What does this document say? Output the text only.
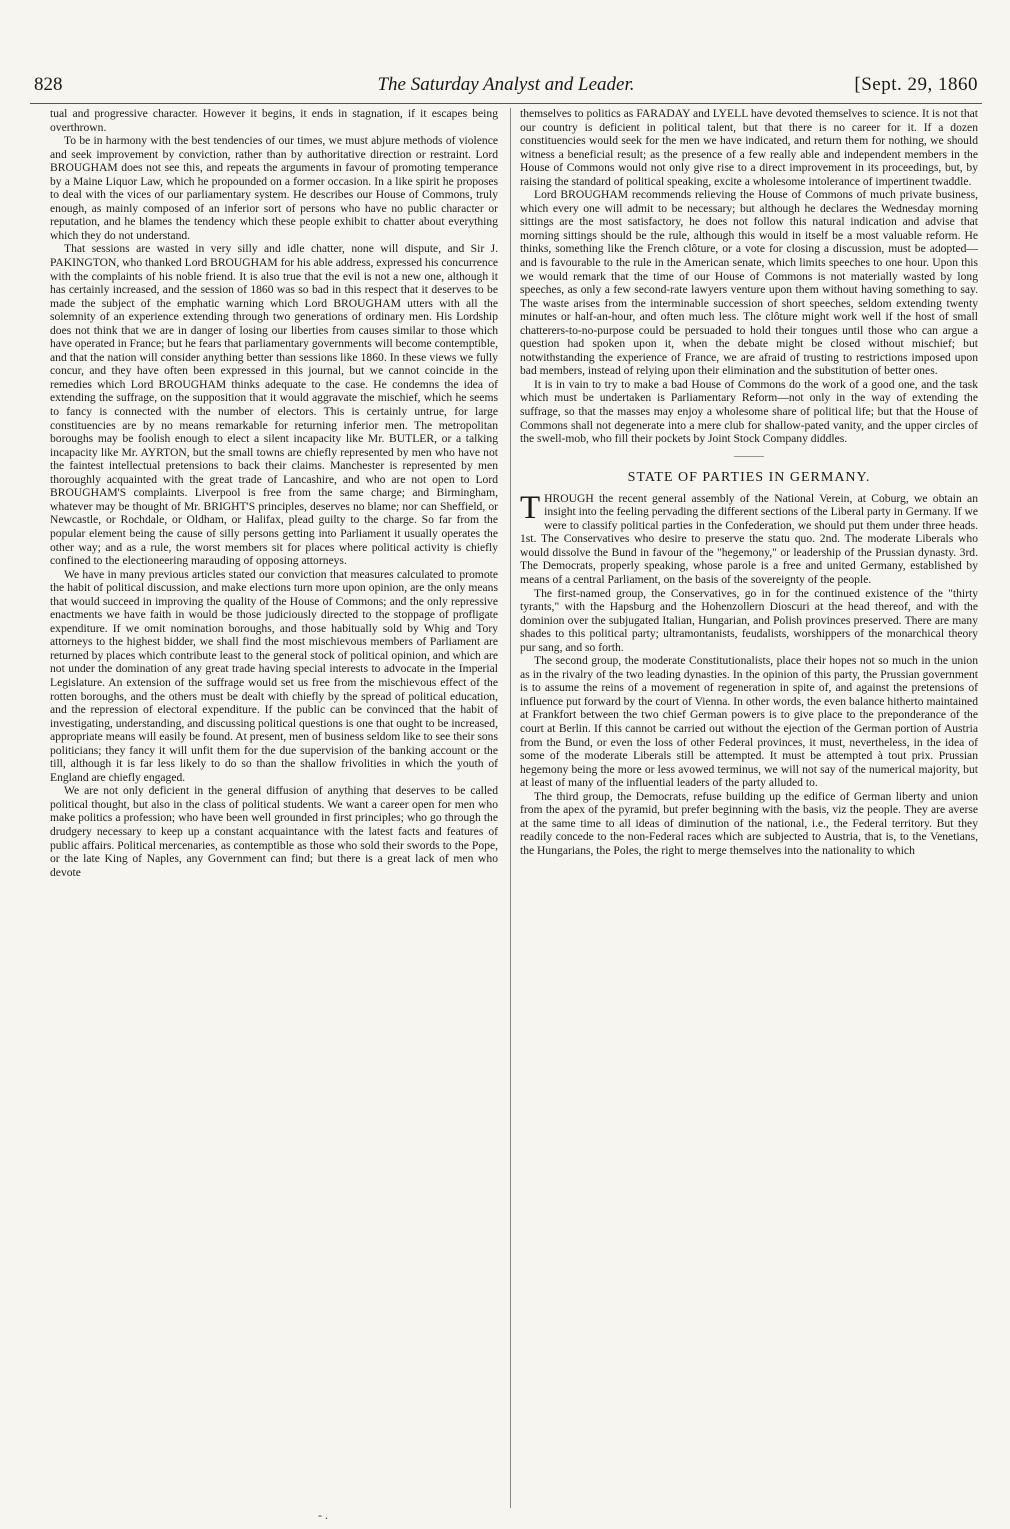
828	The Saturday Analyst and Leader.	[Sept. 29, 1860

tual and progressive character. However it begins, it ends in stagnation, if it escapes being overthrown.

To be in harmony with the best tendencies of our times, we must abjure methods of violence and seek improvement by conviction, rather than by authoritative direction or restraint. Lord BROUGHAM does not see this, and repeats the arguments in favour of promoting temperance by a Maine Liquor Law, which he propounded on a former occasion. In a like spirit he proposes to deal with the vices of our parliamentary system. He describes our House of Commons, truly enough, as mainly composed of an inferior sort of persons who have no public character or reputation, and he blames the tendency which these people exhibit to chatter about everything which they do not understand.

That sessions are wasted in very silly and idle chatter, none will dispute, and Sir J. PAKINGTON, who thanked Lord BROUGHAM for his able address, expressed his concurrence with the complaints of his noble friend. It is also true that the evil is not a new one, although it has certainly increased, and the session of 1860 was so bad in this respect that it deserves to be made the subject of the emphatic warning which Lord BROUGHAM utters with all the solemnity of an experience extending through two generations of ordinary men. His Lordship does not think that we are in danger of losing our liberties from causes similar to those which have operated in France; but he fears that parliamentary governments will become contemptible, and that the nation will consider anything better than sessions like 1860. In these views we fully concur, and they have often been expressed in this journal, but we cannot coincide in the remedies which Lord BROUGHAM thinks adequate to the case. He condemns the idea of extending the suffrage, on the supposition that it would aggravate the mischief, which he seems to fancy is connected with the number of electors. This is certainly untrue, for large constituencies are by no means remarkable for returning inferior men. The metropolitan boroughs may be foolish enough to elect a silent incapacity like Mr. BUTLER, or a talking incapacity like Mr. AYRTON, but the small towns are chiefly represented by men who have not the faintest intellectual pretensions to back their claims. Manchester is represented by men thoroughly acquainted with the great trade of Lancashire, and who are not open to Lord BROUGHAM'S complaints. Liverpool is free from the same charge; and Birmingham, whatever may be thought of Mr. BRIGHT'S principles, deserves no blame; nor can Sheffield, or Newcastle, or Rochdale, or Oldham, or Halifax, plead guilty to the charge. So far from the popular element being the cause of silly persons getting into Parliament it usually operates the other way; and as a rule, the worst members sit for places where political activity is chiefly confined to the electioneering marauding of opposing attorneys.

We have in many previous articles stated our conviction that measures calculated to promote the habit of political discussion, and make elections turn more upon opinion, are the only means that would succeed in improving the quality of the House of Commons; and the only repressive enactments we have faith in would be those judiciously directed to the stoppage of profligate expenditure. If we omit nomination boroughs, and those habitually sold by Whig and Tory attorneys to the highest bidder, we shall find the most mischievous members of Parliament are returned by places which contribute least to the general stock of political opinion, and which are not under the domination of any great trade having special interests to advocate in the Imperial Legislature. An extension of the suffrage would set us free from the mischievous effect of the rotten boroughs, and the others must be dealt with chiefly by the spread of political education, and the repression of electoral expenditure. If the public can be convinced that the habit of investigating, understanding, and discussing political questions is one that ought to be increased, appropriate means will easily be found. At present, men of business seldom like to see their sons politicians; they fancy it will unfit them for the due supervision of the banking account or the till, although it is far less likely to do so than the shallow frivolities in which the youth of England are chiefly engaged.

We are not only deficient in the general diffusion of anything that deserves to be called political thought, but also in the class of political students. We want a career open for men who make politics a profession; who have been well grounded in first principles; who go through the drudgery necessary to keep up a constant acquaintance with the latest facts and features of public affairs. Political mercenaries, as contemptible as those who sold their swords to the Pope, or the late King of Naples, any Government can find; but there is a great lack of men who devote

themselves to politics as FARADAY and LYELL have devoted themselves to science. It is not that our country is deficient in political talent, but that there is no career for it. If a dozen constituencies would seek for the men we have indicated, and return them for nothing, we should witness a beneficial result; as the presence of a few really able and independent members in the House of Commons would not only give rise to a direct improvement in its proceedings, but, by raising the standard of political speaking, excite a wholesome intolerance of impertinent twaddle.

Lord BROUGHAM recommends relieving the House of Commons of much private business, which every one will admit to be necessary; but although he declares the Wednesday morning sittings are the most satisfactory, he does not follow this natural indication and advise that morning sittings should be the rule, although this would in itself be a most valuable reform. He thinks, something like the French clôture, or a vote for closing a discussion, must be adopted—and is favourable to the rule in the American senate, which limits speeches to one hour. Upon this we would remark that the time of our House of Commons is not materially wasted by long speeches, as only a few second-rate lawyers venture upon them without having something to say. The waste arises from the interminable succession of short speeches, seldom extending twenty minutes or half-an-hour, and often much less. The clôture might work well if the host of small chatterers-to-no-purpose could be persuaded to hold their tongues until those who can argue a question had spoken upon it, when the debate might be closed without mischief; but notwithstanding the experience of France, we are afraid of trusting to restrictions imposed upon bad members, instead of relying upon their elimination and the substitution of better ones.

It is in vain to try to make a bad House of Commons do the work of a good one, and the task which must be undertaken is Parliamentary Reform—not only in the way of extending the suffrage, so that the masses may enjoy a wholesome share of political life; but that the House of Commons shall not degenerate into a mere club for shallow-pated vanity, and the upper circles of the swell-mob, who fill their pockets by Joint Stock Company diddles.

———
STATE OF PARTIES IN GERMANY.

THROUGH the recent general assembly of the National Verein, at Coburg, we obtain an insight into the feeling pervading the different sections of the Liberal party in Germany. If we were to classify political parties in the Confederation, we should put them under three heads. 1st. The Conservatives who desire to preserve the statu quo. 2nd. The moderate Liberals who would dissolve the Bund in favour of the "hegemony," or leadership of the Prussian dynasty. 3rd. The Democrats, properly speaking, whose parole is a free and united Germany, established by means of a central Parliament, on the basis of the sovereignty of the people.

The first-named group, the Conservatives, go in for the continued existence of the "thirty tyrants," with the Hapsburg and the Hohenzollern Dioscuri at the head thereof, and with the dominion over the subjugated Italian, Hungarian, and Polish provinces preserved. There are many shades to this political party; ultramontanists, feudalists, worshippers of the monarchical theory pur sang, and so forth.

The second group, the moderate Constitutionalists, place their hopes not so much in the union as in the rivalry of the two leading dynasties. In the opinion of this party, the Prussian government is to assume the reins of a movement of regeneration in spite of, and against the pretensions of influence put forward by the court of Vienna. In other words, the even balance hitherto maintained at Frankfort between the two chief German powers is to give place to the preponderance of the court at Berlin. If this cannot be carried out without the ejection of the German portion of Austria from the Bund, or even the loss of other Federal provinces, it must, nevertheless, in the idea of some of the moderate Liberals still be attempted. It must be attempted à tout prix. Prussian hegemony being the more or less avowed terminus, we will not say of the numerical majority, but at least of many of the influential leaders of the party alluded to.

The third group, the Democrats, refuse building up the edifice of German liberty and union from the apex of the pyramid, but prefer beginning with the basis, viz the people. They are averse at the same time to all ideas of diminution of the national, i.e., the Federal territory. But they readily concede to the non-Federal races which are subjected to Austria, that is, to the Venetians, the Hungarians, the Poles, the right to merge themselves into the nationality to which

- .
